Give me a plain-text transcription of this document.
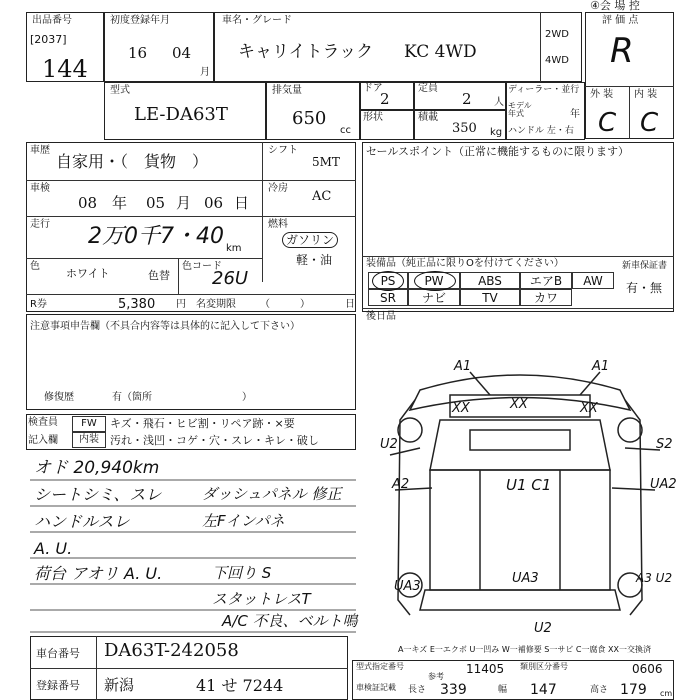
出品番号
[2037]
144
初度登録年月
16 04
月
車名・グレード
キャリイトラック KC 4WD
2WD
4WD
④会 場 控
評 価 点
R
外 装 内 装
C C
型式
LE-DA63T
排気量
650
cc
ドア
2
定員
2 人
形状	積載
350 kg
ディーラー・並行
モデル年式	年
ハンドル 左・右
車歴
自家用・（　貨物　）
シフト
5MT
車検
08 年 05 月 06 日
冷房
AC
走行 2万0千7・40 km
燃料
ガソリン
軽・油
色
ホワイト	色替
色コード
26U
R券	5,380 円 名変期限 （　　　）　　　　日
セールスポイント（正常に機能するものに限ります）
装備品（純正品に限りOを付けてください）
PS	PW	ABS	エアB	AW
SR	ナビ	TV	カワ
新車保証書
有・無
後日品
注意事項申告欄（不具合内容等は具体的に記入して下さい）
修復歴	有（箇所　　　　　　　　　）
検査員
記入欄
FW
内装
キズ・飛石・ヒビ割・リペア跡・×要
汚れ・浅凹・コゲ・穴・スレ・キレ・破し
オド 20,940km
シートシミ、スレ
ハンドルスレ
A. U.
荷台 アオリ A. U.
ダッシュパネル 修正
左Fインパネ
下回り S
スタットレスT
A/C 不良、ベルト鳴
A1
XX	XX	XX
A1
U2	S2
A2	U1 C1	UA2
UA3
UA3	A3 U2
U2
A一キズ E一エクボ U一凹み W一補修要 S一サビ C一腐食 XX一交換済
車台番号 DA63T-242058
登録番号 新潟	41 せ 7244
型式指定番号	11405 類別区分番号	0606
車検証記載 長さ 339	幅 147	高さ 179 cm
参考
